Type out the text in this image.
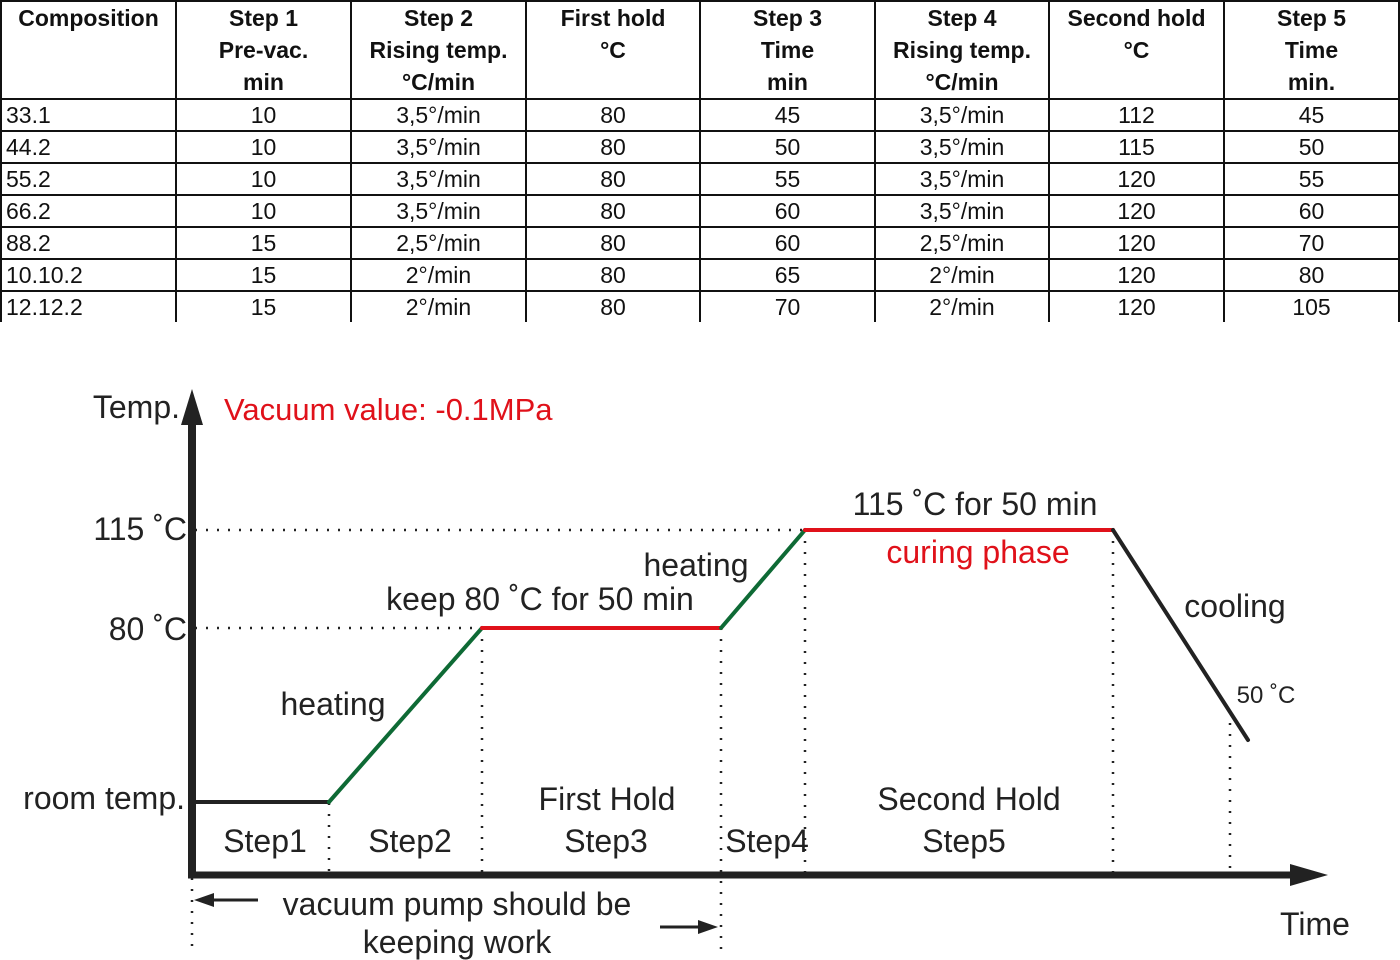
Composition	Step 1	Step 2	First hold	Step 3	Step 4	Second hold	Step 5
	Pre-vac.	Rising temp.	°C	Time	Rising temp.	°C	Time
	min	°C/min		min	°C/min		min.
33.1	10	3,5°/min	80	45	3,5°/min	112	45
44.2	10	3,5°/min	80	50	3,5°/min	115	50
55.2	10	3,5°/min	80	55	3,5°/min	120	55
66.2	10	3,5°/min	80	60	3,5°/min	120	60
88.2	15	2,5°/min	80	60	2,5°/min	120	70
10.10.2	15	2°/min	80	65	2°/min	120	80
12.12.2	15	2°/min	80	70	2°/min	120	105
Temp. Vacuum value: -0.1MPa
115 ˚C
80 ˚C
room temp.
heating
keep 80 ˚C for 50 min
heating
115 ˚C for 50 min
curing phase
cooling
50 ˚C
Step1 Step2
First Hold
Step3 Step4
Second Hold
Step5
vacuum pump should be
keeping work	Time
